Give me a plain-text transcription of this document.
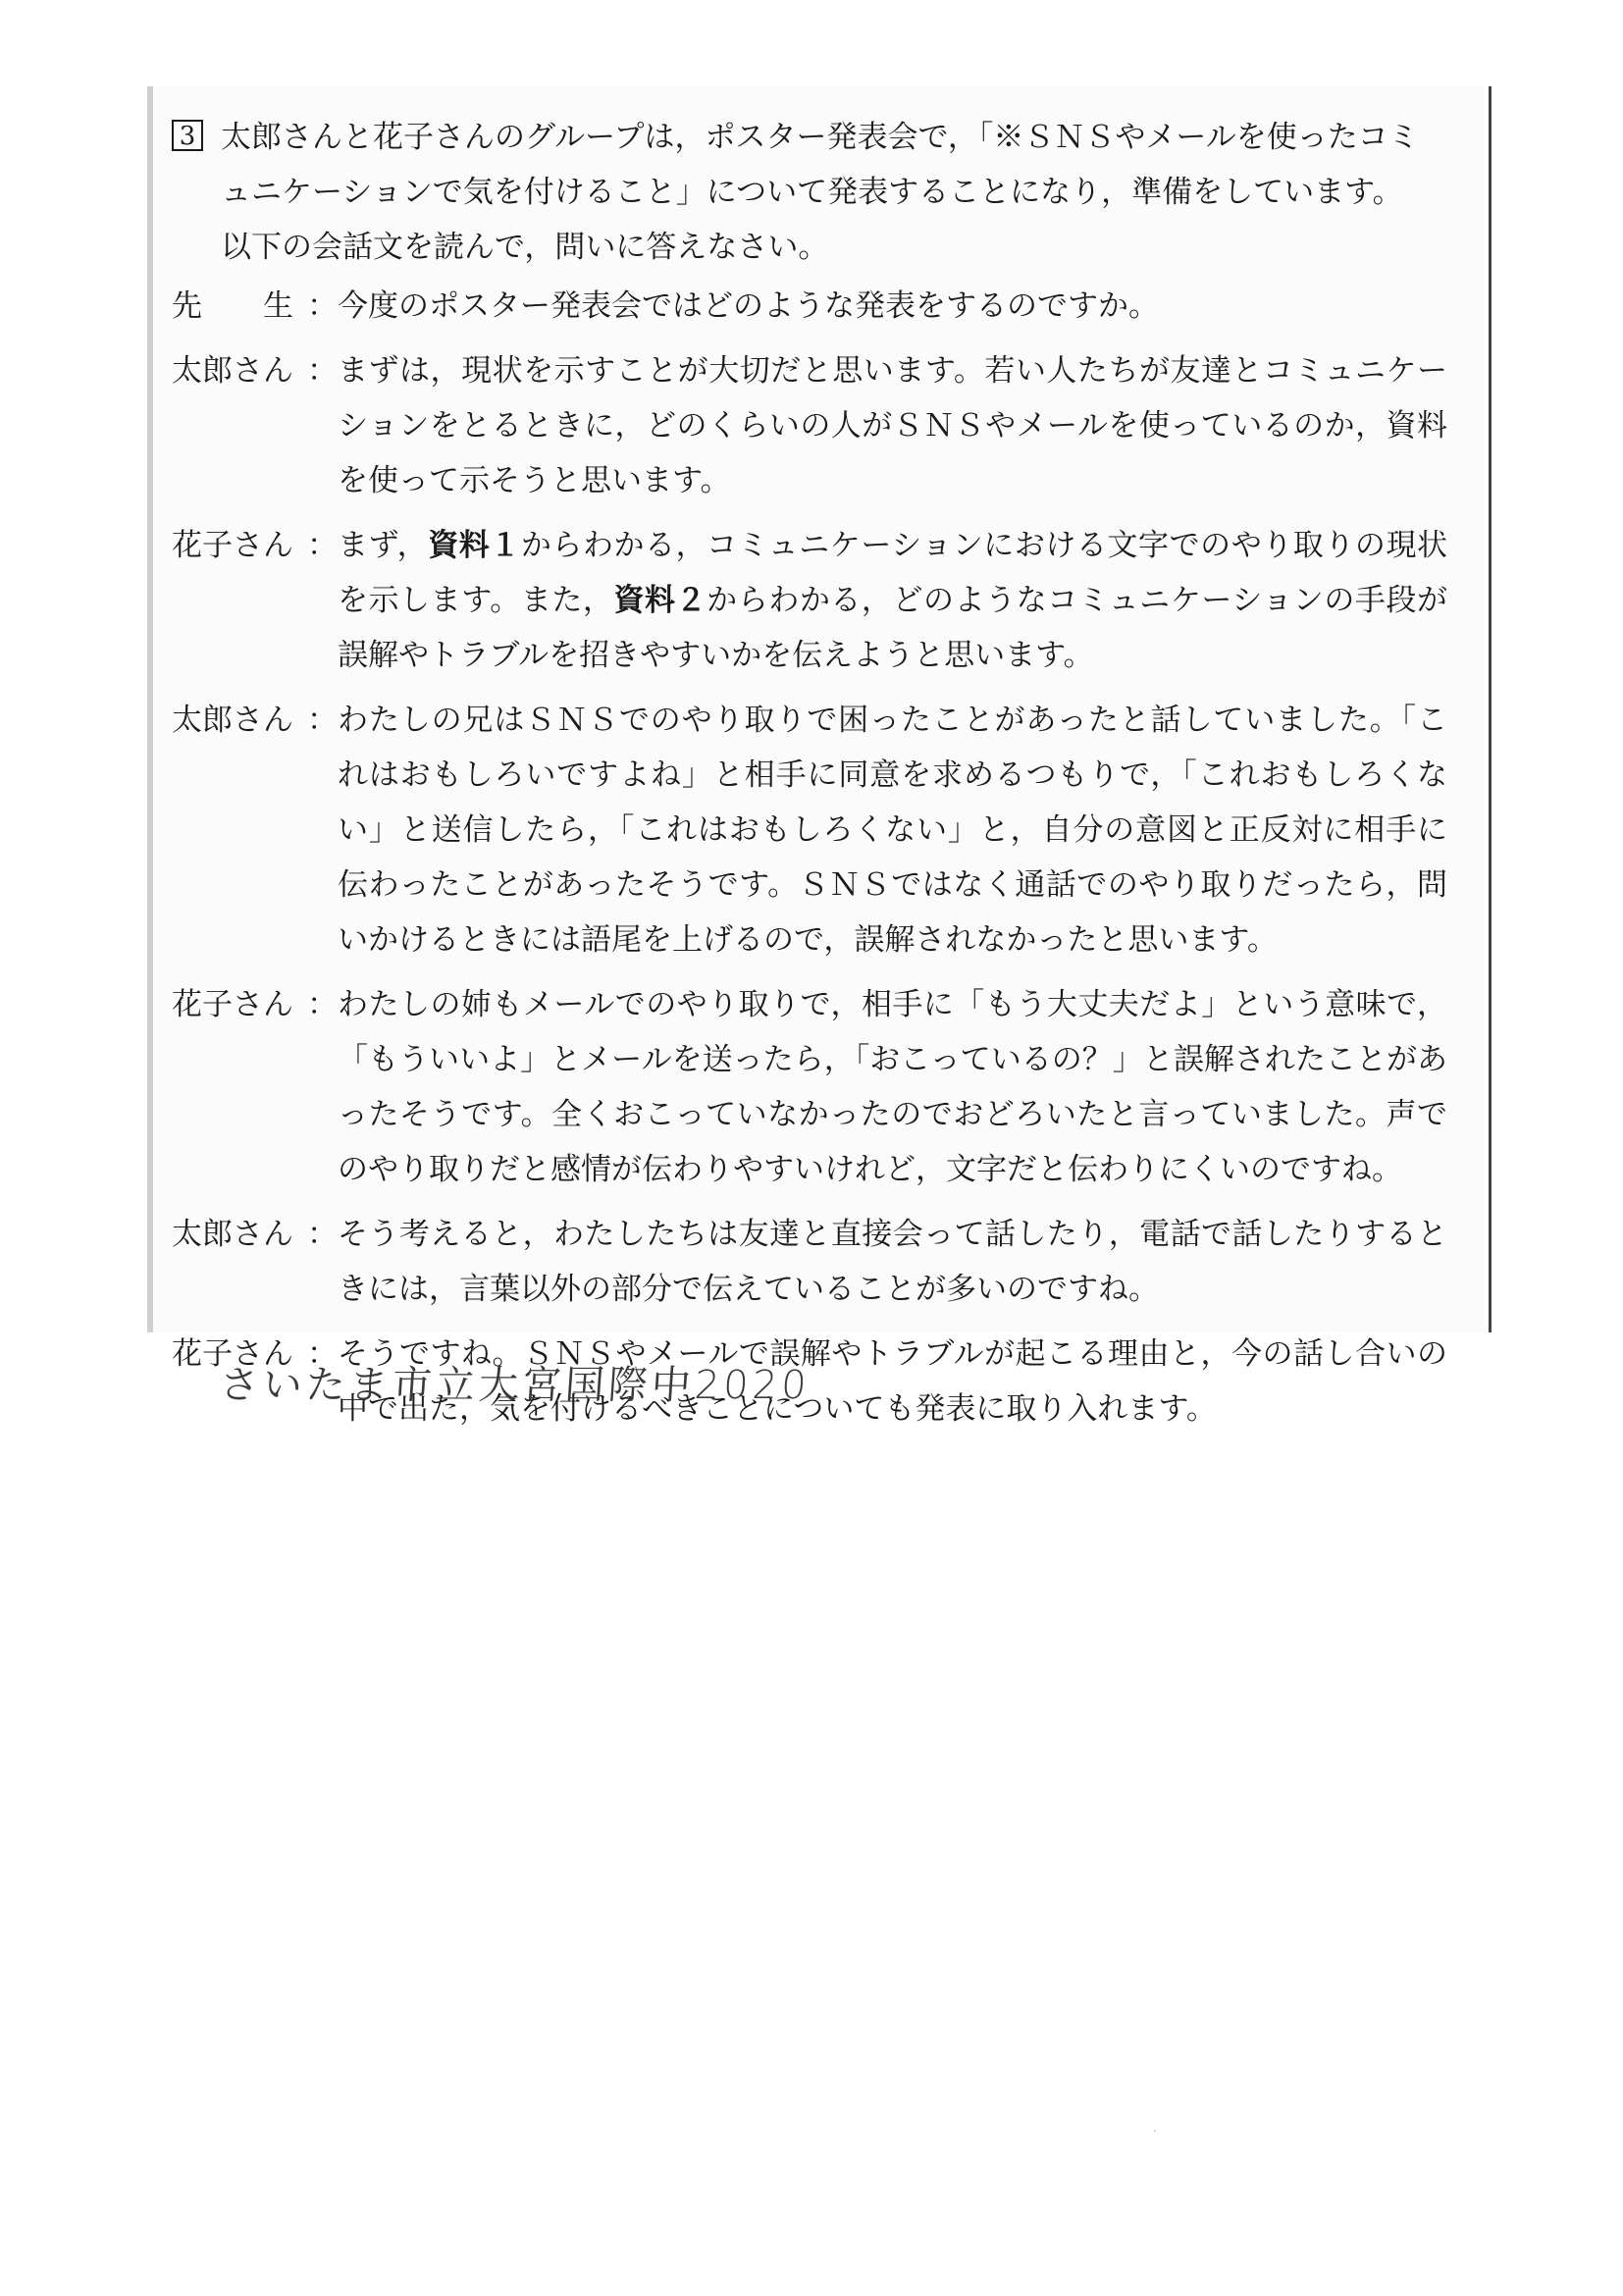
3 太郎さんと花子さんのグループは，ポスター発表会で，「※ＳＮＳやメールを使ったコミュニケーションで気を付けること」について発表することになり，準備をしています。
以下の会話文を読んで，問いに答えなさい。
先　　生 ： 今度のポスター発表会ではどのような発表をするのですか。
太郎さん ： まずは，現状を示すことが大切だと思います。若い人たちが友達とコミュニケーションをとるときに，どのくらいの人がＳＮＳやメールを使っているのか，資料を使って示そうと思います。
花子さん ： まず，資料１からわかる，コミュニケーションにおける文字でのやり取りの現状を示します。また，資料２からわかる，どのようなコミュニケーションの手段が誤解やトラブルを招きやすいかを伝えようと思います。
太郎さん ： わたしの兄はＳＮＳでのやり取りで困ったことがあったと話していました。「これはおもしろいですよね」と相手に同意を求めるつもりで，「これおもしろくない」と送信したら，「これはおもしろくない」と，自分の意図と正反対に相手に伝わったことがあったそうです。ＳＮＳではなく通話でのやり取りだったら，問いかけるときには語尾を上げるので，誤解されなかったと思います。
花子さん ： わたしの姉もメールでのやり取りで，相手に「もう大丈夫だよ」という意味で，「もういいよ」とメールを送ったら，「おこっているの？」と誤解されたことがあったそうです。全くおこっていなかったのでおどろいたと言っていました。声でのやり取りだと感情が伝わりやすいけれど，文字だと伝わりにくいのですね。
太郎さん ： そう考えると，わたしたちは友達と直接会って話したり，電話で話したりするときには，言葉以外の部分で伝えていることが多いのですね。
花子さん ： そうですね。ＳＮＳやメールで誤解やトラブルが起こる理由と，今の話し合いの中で出た，気を付けるべきことについても発表に取り入れます。
さいたま市立大宮国際中2020
·
